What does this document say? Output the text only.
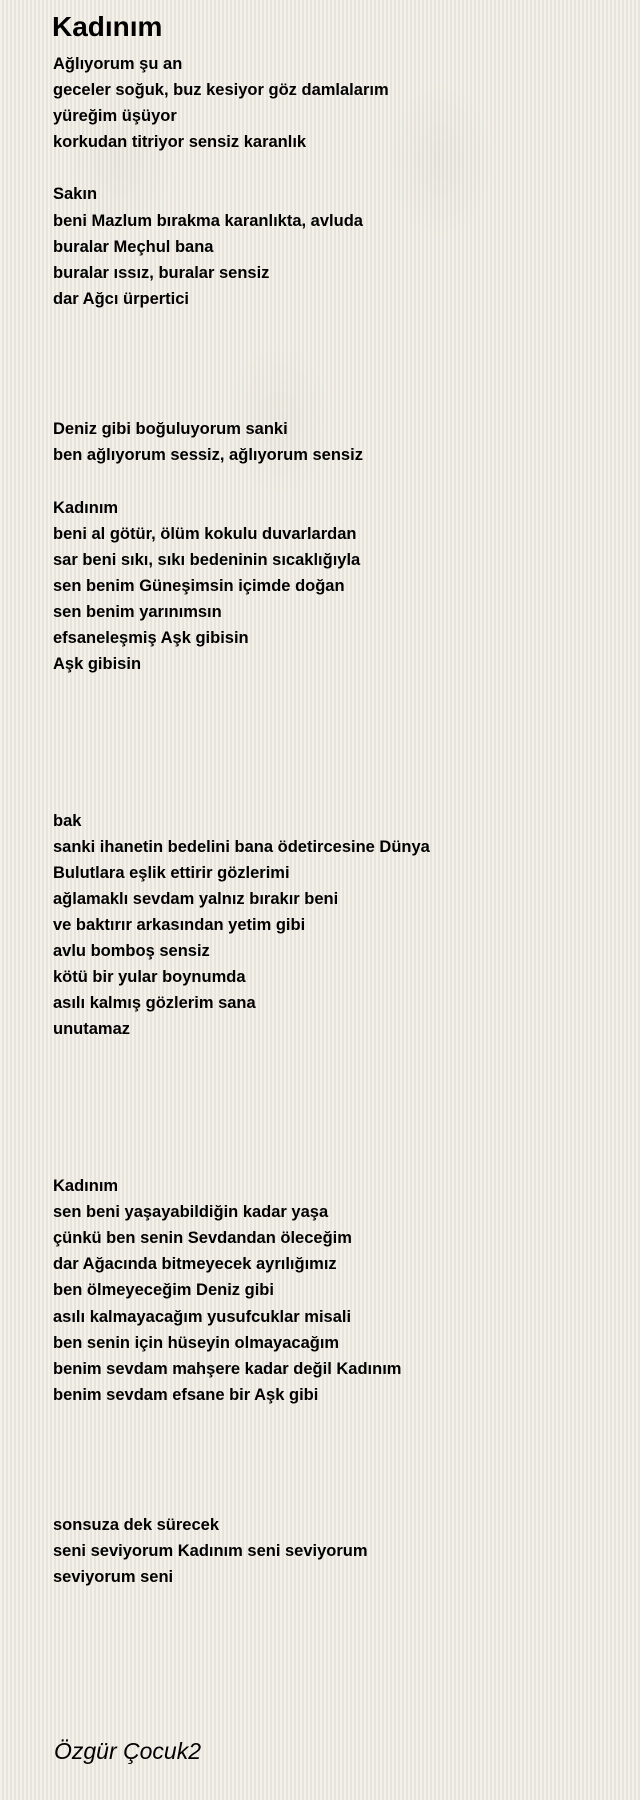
Kadınım
Ağlıyorum şu an
geceler soğuk, buz kesiyor göz damlalarım
yüreğim üşüyor
korkudan titriyor sensiz karanlık
Sakın
beni Mazlum bırakma karanlıkta, avluda
buralar Meçhul bana
buralar ıssız, buralar sensiz
dar Ağcı ürpertici
Deniz gibi boğuluyorum sanki
ben ağlıyorum sessiz, ağlıyorum sensiz
Kadınım
beni al götür, ölüm kokulu duvarlardan
sar beni sıkı, sıkı bedeninin sıcaklığıyla
sen benim Güneşimsin içimde doğan
sen benim yarınımsın
efsaneleşmiş Aşk gibisin
Aşk gibisin
bak
sanki ihanetin bedelini bana ödetircesine Dünya
Bulutlara eşlik ettirir gözlerimi
ağlamaklı sevdam yalnız bırakır beni
ve baktırır arkasından yetim gibi
avlu bomboş sensiz
kötü bir yular boynumda
asılı kalmış gözlerim sana
unutamaz
Kadınım
sen beni yaşayabildiğin kadar yaşa
çünkü ben senin Sevdandan öleceğim
dar Ağacında bitmeyecek ayrılığımız
ben ölmeyeceğim Deniz gibi
asılı kalmayacağım yusufcuklar misali
ben senin için hüseyin olmayacağım
benim sevdam mahşere kadar değil Kadınım
benim sevdam efsane bir Aşk gibi
sonsuza dek sürecek
seni seviyorum Kadınım seni seviyorum
seviyorum seni
Özgür Çocuk2
